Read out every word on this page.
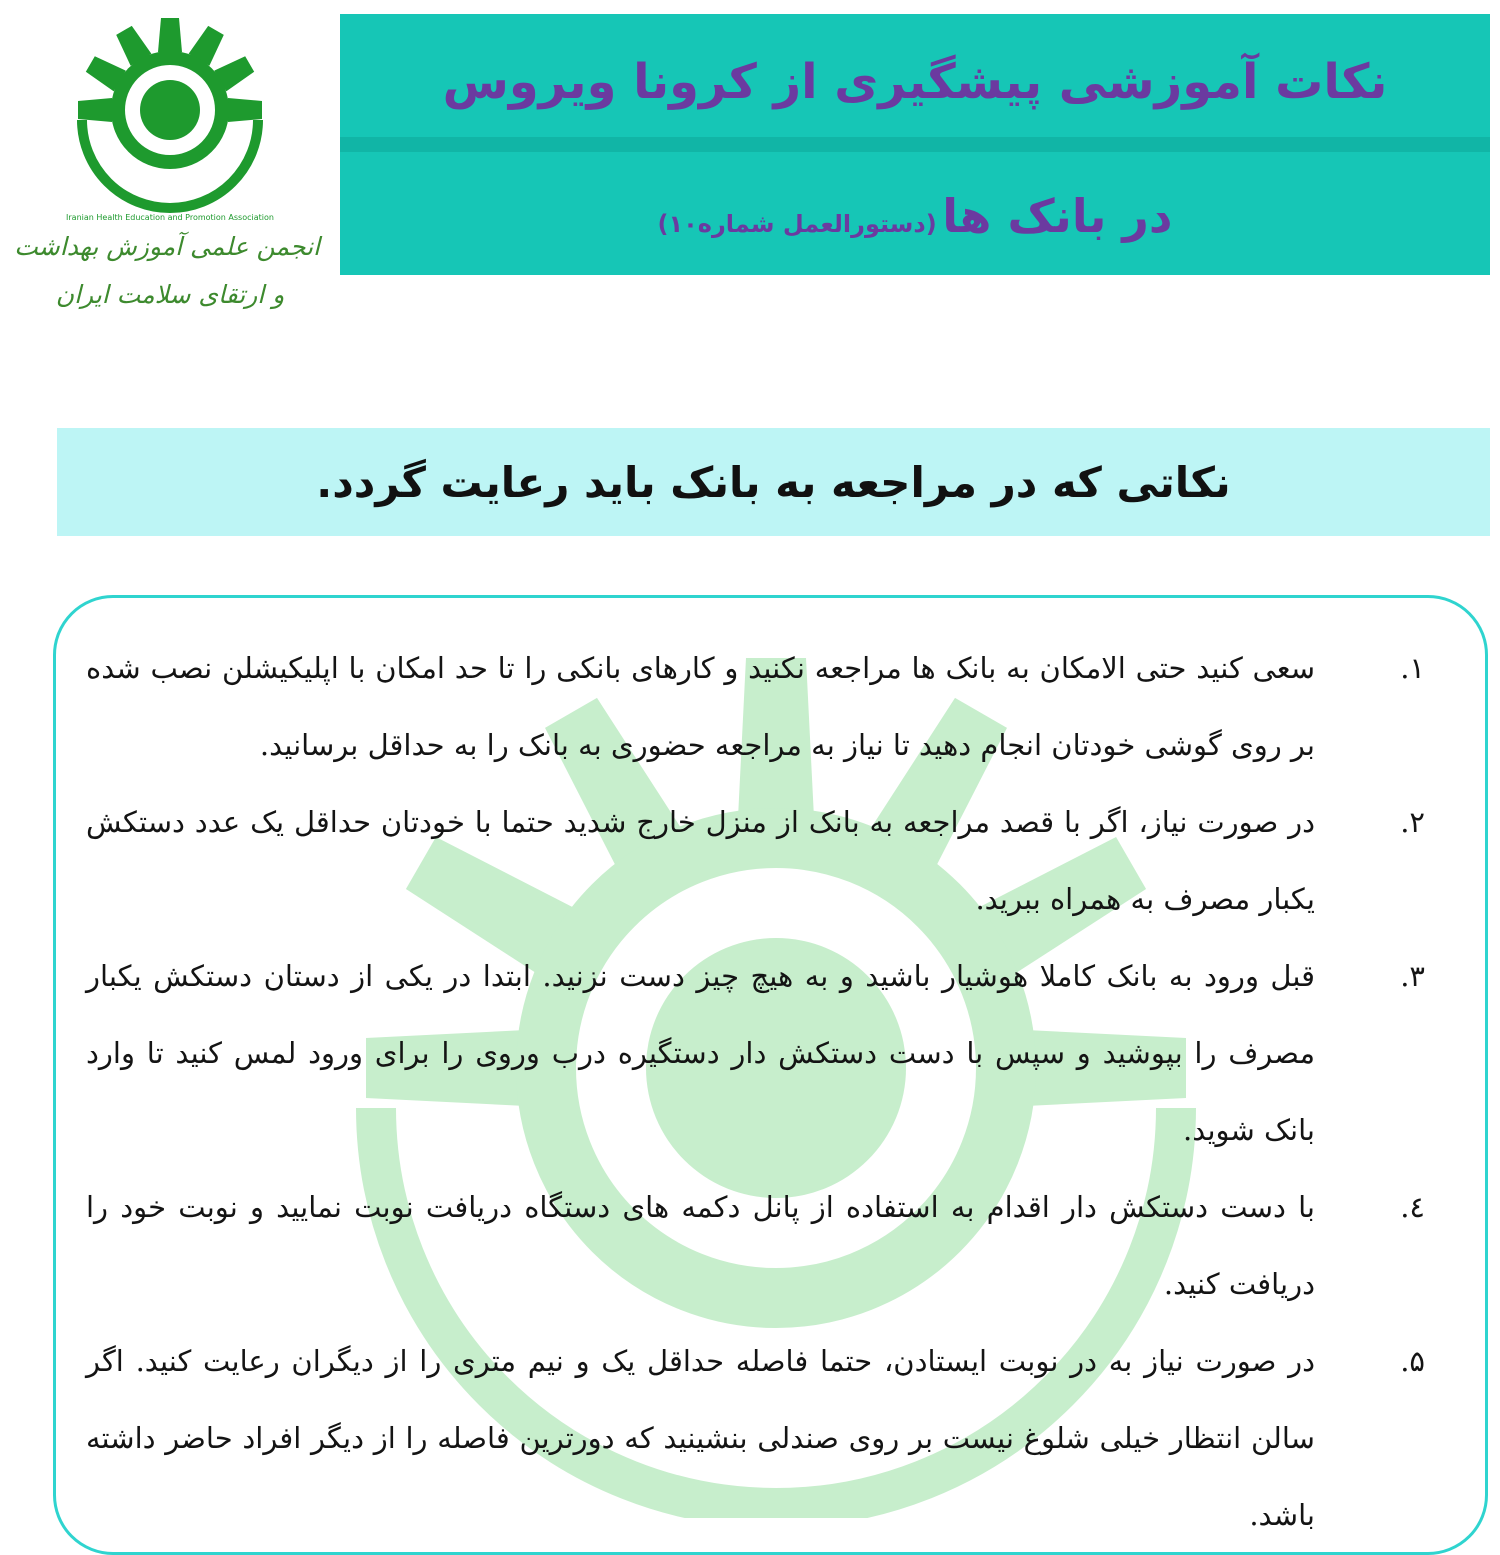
Iranian Health Education and Promotion Association
انجمن علمی آموزش بهداشت
و ارتقای سلامت ایران
نکات آموزشی پیشگیری از کرونا ویروس
در بانک ها (دستورالعمل شماره۱۰)
نکاتی که در مراجعه به بانک باید رعایت گردد.
۱.
سعی کنید حتی الامکان به بانک ها مراجعه نکنید و کارهای بانکی را تا حد امکان با اپلیکیشلن نصب شده بر روی گوشی خودتان انجام دهید تا نیاز به مراجعه حضوری به بانک را به حداقل برسانید.
۲.
در صورت نیاز، اگر با قصد مراجعه به بانک از منزل خارج شدید حتما با خودتان حداقل یک عدد دستکش یکبار مصرف به همراه ببرید.
۳.
قبل ورود به بانک کاملا هوشیار باشید و به هیچ چیز دست نزنید. ابتدا در یکی از دستان دستکش یکبار مصرف را بپوشید و سپس با دست دستکش دار دستگیره درب وروی را برای ورود لمس کنید تا وارد بانک شوید.
٤.
با دست دستکش دار اقدام به استفاده از پانل دکمه های دستگاه دریافت نوبت نمایید و نوبت خود را دریافت کنید.
۵.
در صورت نیاز به در نوبت ایستادن، حتما فاصله حداقل یک و نیم متری را از دیگران رعایت کنید. اگر سالن انتظار خیلی شلوغ نیست بر روی صندلی بنشینید که دورترین فاصله را از دیگر افراد حاضر داشته باشد.
